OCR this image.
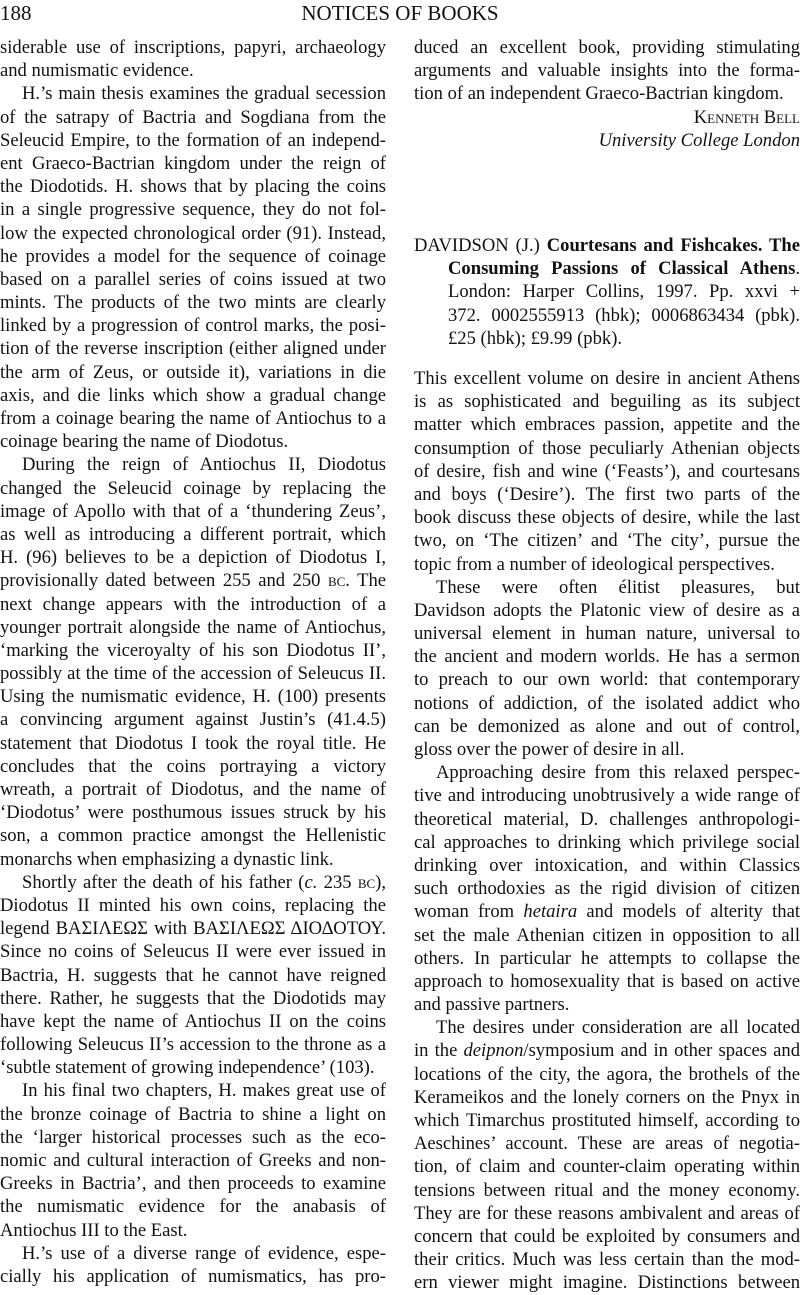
188	NOTICES OF BOOKS
siderable use of inscriptions, papyri, archaeology
and numismatic evidence.
H.’s main thesis examines the gradual secession
of the satrapy of Bactria and Sogdiana from the
Seleucid Empire, to the formation of an independ-
ent Graeco-Bactrian kingdom under the reign of
the Diodotids. H. shows that by placing the coins
in a single progressive sequence, they do not fol-
low the expected chronological order (91). Instead,
he provides a model for the sequence of coinage
based on a parallel series of coins issued at two
mints. The products of the two mints are clearly
linked by a progression of control marks, the posi-
tion of the reverse inscription (either aligned under
the arm of Zeus, or outside it), variations in die
axis, and die links which show a gradual change
from a coinage bearing the name of Antiochus to a
coinage bearing the name of Diodotus.
During the reign of Antiochus II, Diodotus
changed the Seleucid coinage by replacing the
image of Apollo with that of a ‘thundering Zeus’,
as well as introducing a different portrait, which
H. (96) believes to be a depiction of Diodotus I,
provisionally dated between 255 and 250 bc. The
next change appears with the introduction of a
younger portrait alongside the name of Antiochus,
‘marking the viceroyalty of his son Diodotus II’,
possibly at the time of the accession of Seleucus II.
Using the numismatic evidence, H. (100) presents
a convincing argument against Justin’s (41.4.5)
statement that Diodotus I took the royal title. He
concludes that the coins portraying a victory
wreath, a portrait of Diodotus, and the name of
‘Diodotus’ were posthumous issues struck by his
son, a common practice amongst the Hellenistic
monarchs when emphasizing a dynastic link.
Shortly after the death of his father (c. 235 bc),
Diodotus II minted his own coins, replacing the
legend ΒΑΣΙΛΕΩΣ with ΒΑΣΙΛΕΩΣ ΔΙΟΔΟΤΟΥ.
Since no coins of Seleucus II were ever issued in
Bactria, H. suggests that he cannot have reigned
there. Rather, he suggests that the Diodotids may
have kept the name of Antiochus II on the coins
following Seleucus II’s accession to the throne as a
‘subtle statement of growing independence’ (103).
In his final two chapters, H. makes great use of
the bronze coinage of Bactria to shine a light on
the ‘larger historical processes such as the eco-
nomic and cultural interaction of Greeks and non-
Greeks in Bactria’, and then proceeds to examine
the numismatic evidence for the anabasis of
Antiochus III to the East.
H.’s use of a diverse range of evidence, espe-
cially his application of numismatics, has pro-
duced an excellent book, providing stimulating
arguments and valuable insights into the forma-
tion of an independent Graeco-Bactrian kingdom.
Kenneth Bell
University College London
DAVIDSON (J.) Courtesans and Fishcakes. The
Consuming Passions of Classical Athens.
London: Harper Collins, 1997. Pp. xxvi +
372. 0002555913 (hbk); 0006863434 (pbk).
£25 (hbk); £9.99 (pbk).
This excellent volume on desire in ancient Athens
is as sophisticated and beguiling as its subject
matter which embraces passion, appetite and the
consumption of those peculiarly Athenian objects
of desire, fish and wine (‘Feasts’), and courtesans
and boys (‘Desire’). The first two parts of the
book discuss these objects of desire, while the last
two, on ‘The citizen’ and ‘The city’, pursue the
topic from a number of ideological perspectives.
These were often élitist pleasures, but
Davidson adopts the Platonic view of desire as a
universal element in human nature, universal to
the ancient and modern worlds. He has a sermon
to preach to our own world: that contemporary
notions of addiction, of the isolated addict who
can be demonized as alone and out of control,
gloss over the power of desire in all.
Approaching desire from this relaxed perspec-
tive and introducing unobtrusively a wide range of
theoretical material, D. challenges anthropologi-
cal approaches to drinking which privilege social
drinking over intoxication, and within Classics
such orthodoxies as the rigid division of citizen
woman from hetaira and models of alterity that
set the male Athenian citizen in opposition to all
others. In particular he attempts to collapse the
approach to homosexuality that is based on active
and passive partners.
The desires under consideration are all located
in the deipnon/symposium and in other spaces and
locations of the city, the agora, the brothels of the
Kerameikos and the lonely corners on the Pnyx in
which Timarchus prostituted himself, according to
Aeschines’ account. These are areas of negotia-
tion, of claim and counter-claim operating within
tensions between ritual and the money economy.
They are for these reasons ambivalent and areas of
concern that could be exploited by consumers and
their critics. Much was less certain than the mod-
ern viewer might imagine. Distinctions between
